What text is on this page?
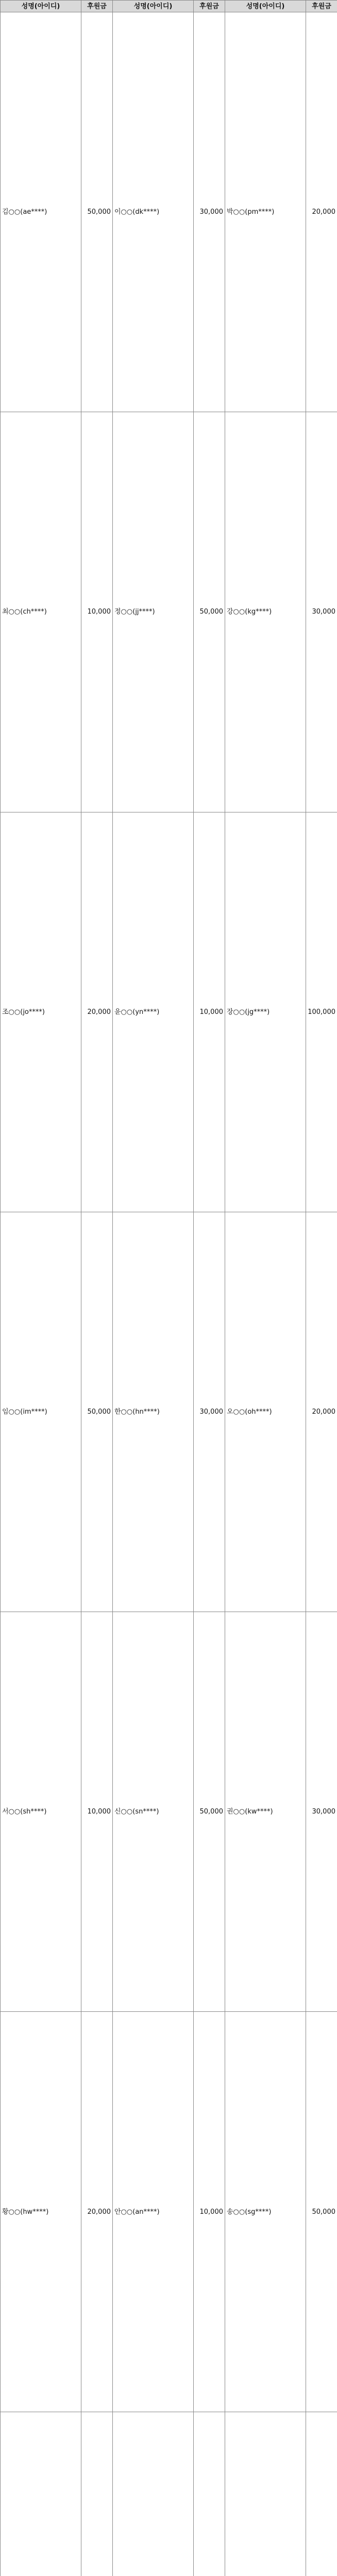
성명(아이디)	후원금	성명(아이디)	후원금	성명(아이디)	후원금
김○○(ae****)	50,000	이○○(dk****)	30,000	박○○(pm****)	20,000
최○○(ch****)	10,000	정○○(jj****)	50,000	강○○(kg****)	30,000
조○○(jo****)	20,000	윤○○(yn****)	10,000	장○○(jg****)	100,000
임○○(im****)	50,000	한○○(hn****)	30,000	오○○(oh****)	20,000
서○○(sh****)	10,000	신○○(sn****)	50,000	권○○(kw****)	30,000
황○○(hw****)	20,000	안○○(an****)	10,000	송○○(sg****)	50,000
